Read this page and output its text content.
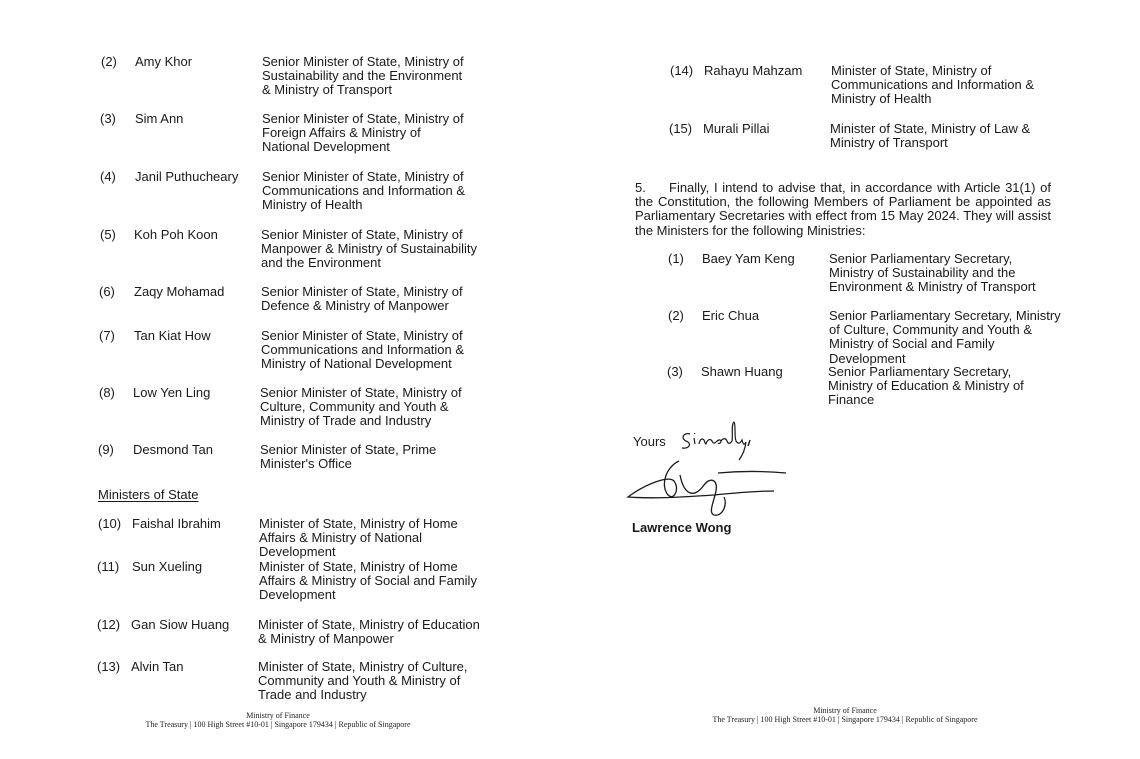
(2) Amy Khor	Senior Minister of State, Ministry of Sustainability and the Environment & Ministry of Transport
(3) Sim Ann	Senior Minister of State, Ministry of Foreign Affairs & Ministry of National Development
(4) Janil Puthucheary Senior Minister of State, Ministry of Communications and Information & Ministry of Health
(5) Koh Poh Koon	Senior Minister of State, Ministry of Manpower & Ministry of Sustainability and the Environment
(6) Zaqy Mohamad	Senior Minister of State, Ministry of Defence & Ministry of Manpower
(7) Tan Kiat How	Senior Minister of State, Ministry of Communications and Information & Ministry of National Development
(8) Low Yen Ling	Senior Minister of State, Ministry of Culture, Community and Youth & Ministry of Trade and Industry
(9) Desmond Tan	Senior Minister of State, Prime Minister's Office
Ministers of State
(10) Faishal Ibrahim	Minister of State, Ministry of Home Affairs & Ministry of National Development
(11) Sun Xueling	Minister of State, Ministry of Home Affairs & Ministry of Social and Family Development
(12) Gan Siow Huang Minister of State, Ministry of Education & Ministry of Manpower
(13) Alvin Tan	Minister of State, Ministry of Culture, Community and Youth & Ministry of Trade and Industry
Ministry of Finance
The Treasury | 100 High Street #10-01 | Singapore 179434 | Republic of Singapore
(14) Rahayu Mahzam Minister of State, Ministry of Communications and Information & Ministry of Health
(15) Murali Pillai	Minister of State, Ministry of Law & Ministry of Transport
5. Finally, I intend to advise that, in accordance with Article 31(1) of the Constitution, the following Members of Parliament be appointed as Parliamentary Secretaries with effect from 15 May 2024. They will assist the Ministers for the following Ministries:
(1) Baey Yam Keng	Senior Parliamentary Secretary, Ministry of Sustainability and the Environment & Ministry of Transport
(2) Eric Chua	Senior Parliamentary Secretary, Ministry of Culture, Community and Youth & Ministry of Social and Family Development
(3) Shawn Huang	Senior Parliamentary Secretary, Ministry of Education & Ministry of Finance
Yours
Lawrence Wong
Ministry of Finance
The Treasury | 100 High Street #10-01 | Singapore 179434 | Republic of Singapore
